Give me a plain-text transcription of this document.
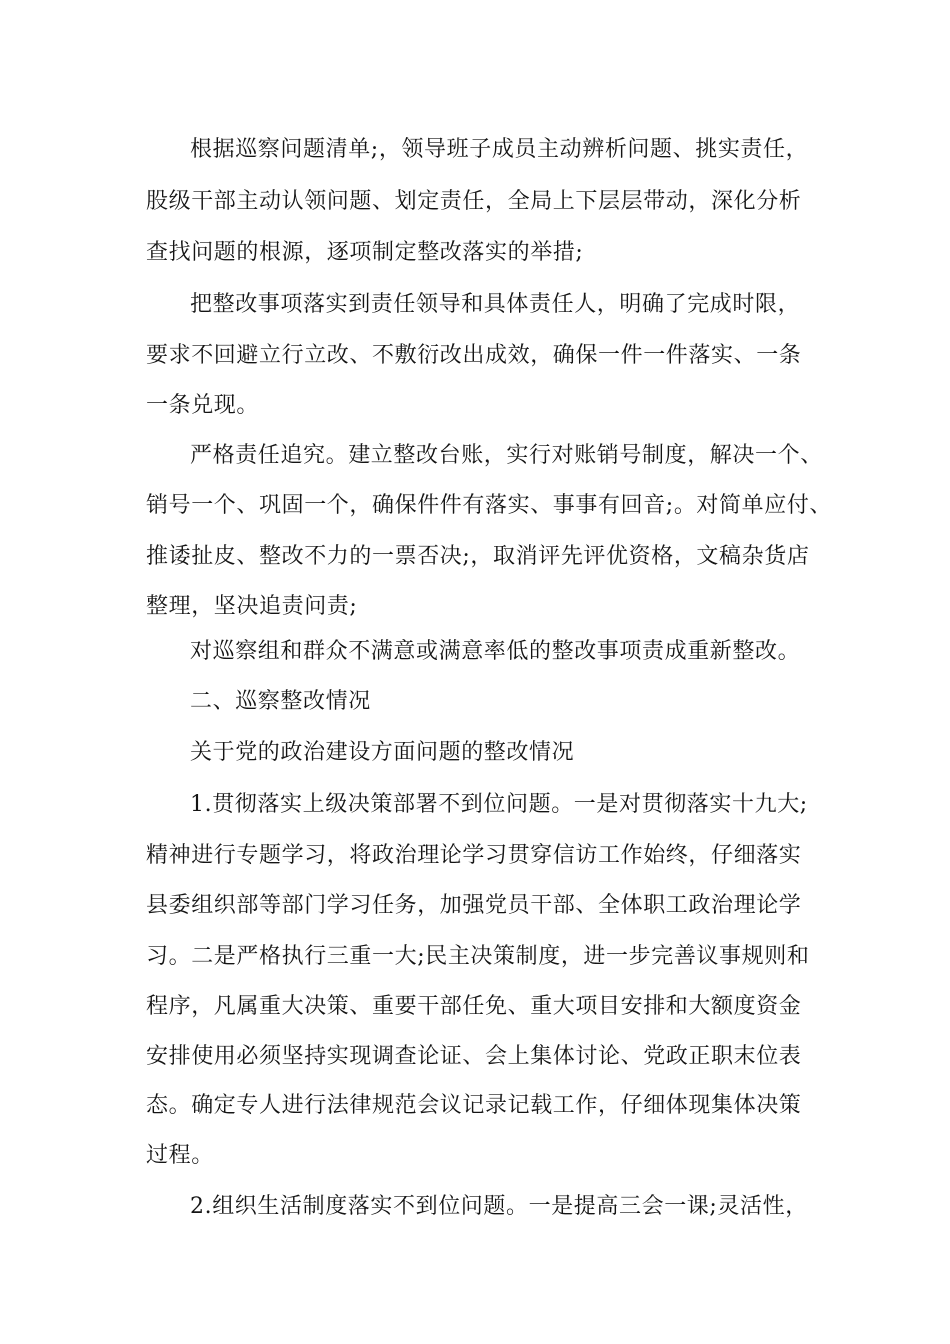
根据巡察问题清单;，领导班子成员主动辨析问题、挑实责任，
股级干部主动认领问题、划定责任，全局上下层层带动，深化分析
查找问题的根源，逐项制定整改落实的举措;
把整改事项落实到责任领导和具体责任人，明确了完成时限，
要求不回避立行立改、不敷衍改出成效，确保一件一件落实、一条
一条兑现。
严格责任追究。建立整改台账，实行对账销号制度，解决一个、
销号一个、巩固一个，确保件件有落实、事事有回音;。对简单应付、
推诿扯皮、整改不力的一票否决;，取消评先评优资格，文稿杂货店
整理，坚决追责问责;
对巡察组和群众不满意或满意率低的整改事项责成重新整改。
二、巡察整改情况
关于党的政治建设方面问题的整改情况
1.贯彻落实上级决策部署不到位问题。一是对贯彻落实十九大;
精神进行专题学习，将政治理论学习贯穿信访工作始终，仔细落实
县委组织部等部门学习任务，加强党员干部、全体职工政治理论学
习。二是严格执行三重一大;民主决策制度，进一步完善议事规则和
程序，凡属重大决策、重要干部任免、重大项目安排和大额度资金
安排使用必须坚持实现调查论证、会上集体讨论、党政正职末位表
态。确定专人进行法律规范会议记录记载工作，仔细体现集体决策
过程。
2.组织生活制度落实不到位问题。一是提高三会一课;灵活性，
